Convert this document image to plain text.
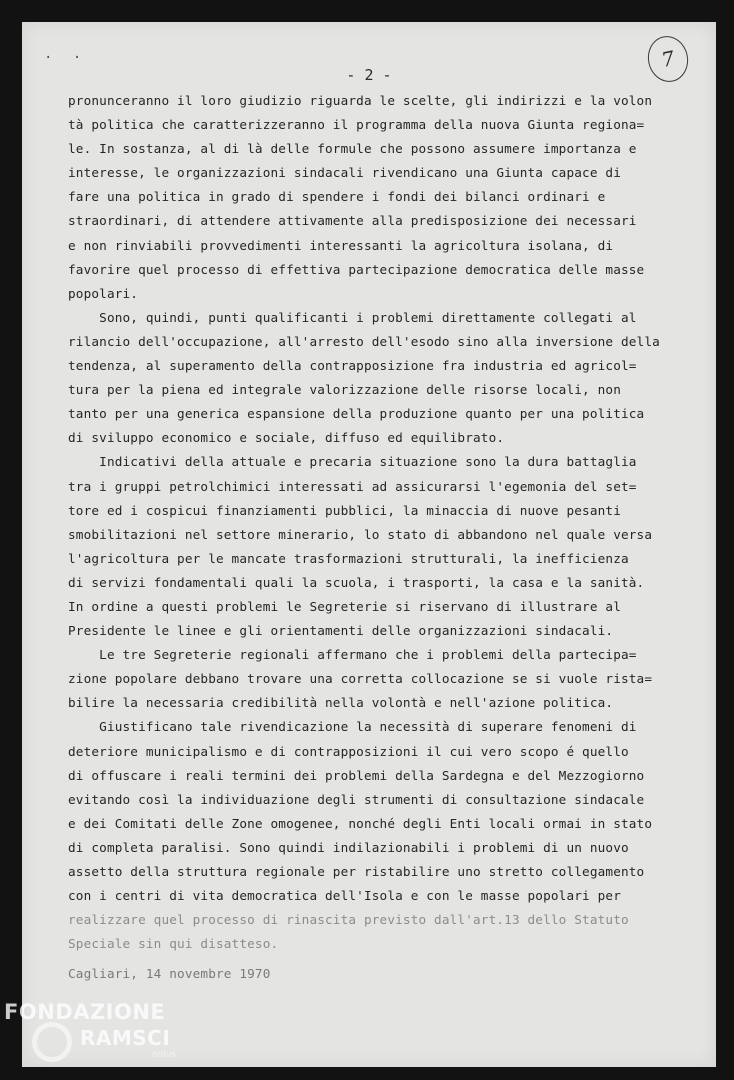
. .
- 2 -
7
pronunceranno il loro giudizio riguarda le scelte, gli indirizzi e la volon
tà politica che caratterizzeranno il programma della nuova Giunta regiona=
le. In sostanza, al di là delle formule che possono assumere importanza e
interesse, le organizzazioni sindacali rivendicano una Giunta capace di
fare una politica in grado di spendere i fondi dei bilanci ordinari e
straordinari, di attendere attivamente alla predisposizione dei necessari
e non rinviabili provvedimenti interessanti la agricoltura isolana, di
favorire quel processo di effettiva partecipazione democratica delle masse
popolari.
Sono, quindi, punti qualificanti i problemi direttamente collegati al
rilancio dell'occupazione, all'arresto dell'esodo sino alla inversione della
tendenza, al superamento della contrapposizione fra industria ed agricol=
tura per la piena ed integrale valorizzazione delle risorse locali, non
tanto per una generica espansione della produzione quanto per una politica
di sviluppo economico e sociale, diffuso ed equilibrato.
Indicativi della attuale e precaria situazione sono la dura battaglia
tra i gruppi petrolchimici interessati ad assicurarsi l'egemonia del set=
tore ed i cospicui finanziamenti pubblici, la minaccia di nuove pesanti
smobilitazioni nel settore minerario, lo stato di abbandono nel quale versa
l'agricoltura per le mancate trasformazioni strutturali, la inefficienza
di servizi fondamentali quali la scuola, i trasporti, la casa e la sanità.
In ordine a questi problemi le Segreterie si riservano di illustrare al
Presidente le linee e gli orientamenti delle organizzazioni sindacali.
Le tre Segreterie regionali affermano che i problemi della partecipa=
zione popolare debbano trovare una corretta collocazione se si vuole rista=
bilire la necessaria credibilità nella volontà e nell'azione politica.
Giustificano tale rivendicazione la necessità di superare fenomeni di
deteriore municipalismo e di contrapposizioni il cui vero scopo é quello
di offuscare i reali termini dei problemi della Sardegna e del Mezzogiorno
evitando così la individuazione degli strumenti di consultazione sindacale
e dei Comitati delle Zone omogenee, nonché degli Enti locali ormai in stato
di completa paralisi. Sono quindi indilazionabili i problemi di un nuovo
assetto della struttura regionale per ristabilire uno stretto collegamento
con i centri di vita democratica dell'Isola e con le masse popolari per
realizzare quel processo di rinascita previsto dall'art.13 dello Statuto
Speciale sin qui disatteso.
Cagliari, 14 novembre 1970
FONDAZIONE
RAMSCI
onlus
